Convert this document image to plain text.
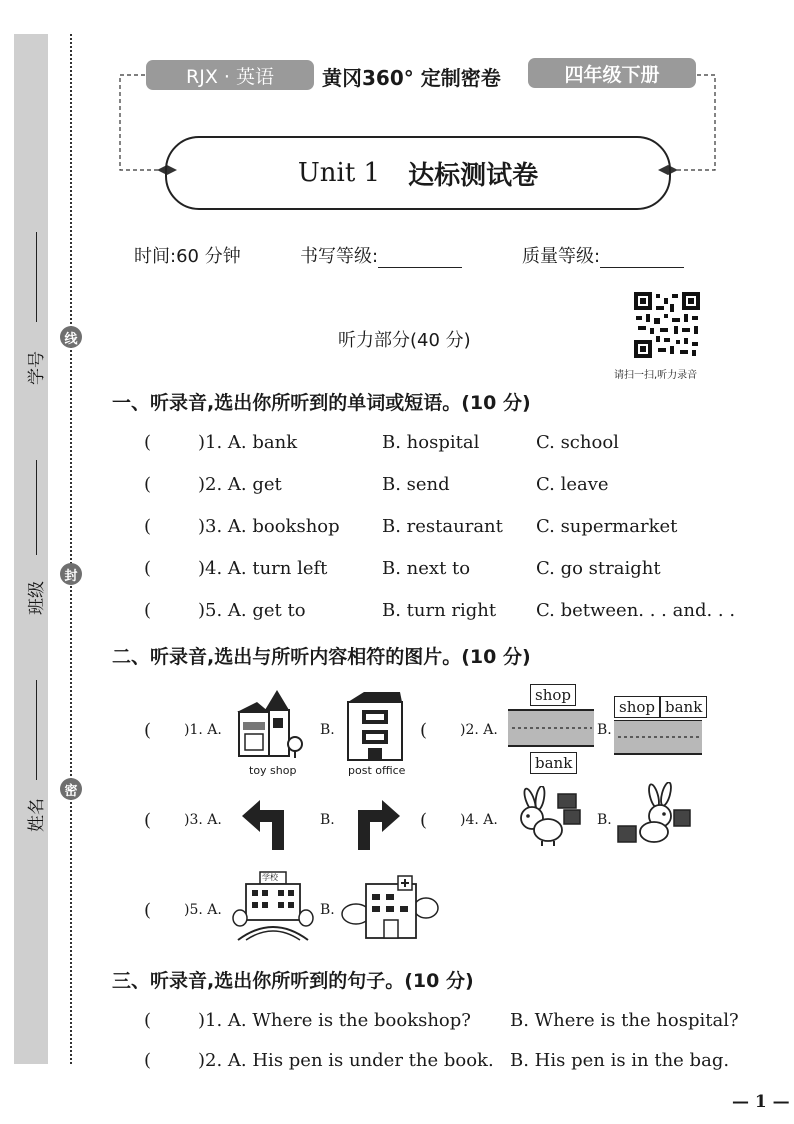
线
封
密
学号
班级
姓名
RJX · 英语	黄冈360° 定制密卷	四年级下册
Unit 1 达标测试卷
时间:60 分钟	书写等级:	质量等级:
请扫一扫,听力录音
听力部分(40 分)
一、听录音,选出你所听到的单词或短语。(10 分)
(	)1. A. bank	B. hospital	C. school
(	)2. A. get	B. send	C. leave
(	)3. A. bookshop B. restaurant C. supermarket
(	)4. A. turn left	B. next to	C. go straight
(	)5. A. get to	B. turn right C. between. . . and. . .
二、听录音,选出与所听内容相符的图片。(10 分)
( )1. A.
toy shop
B.
post office
( )2. A.
shop
bank
B.
shop bank
( )3. A.	B.	( )4. A.	B.
( )5. A.
学校
B.
三、听录音,选出你所听到的句子。(10 分)
(	)1. A. Where is the bookshop? B. Where is the hospital?
(	)2. A. His pen is under the book. B. His pen is in the bag.
— 1 —
